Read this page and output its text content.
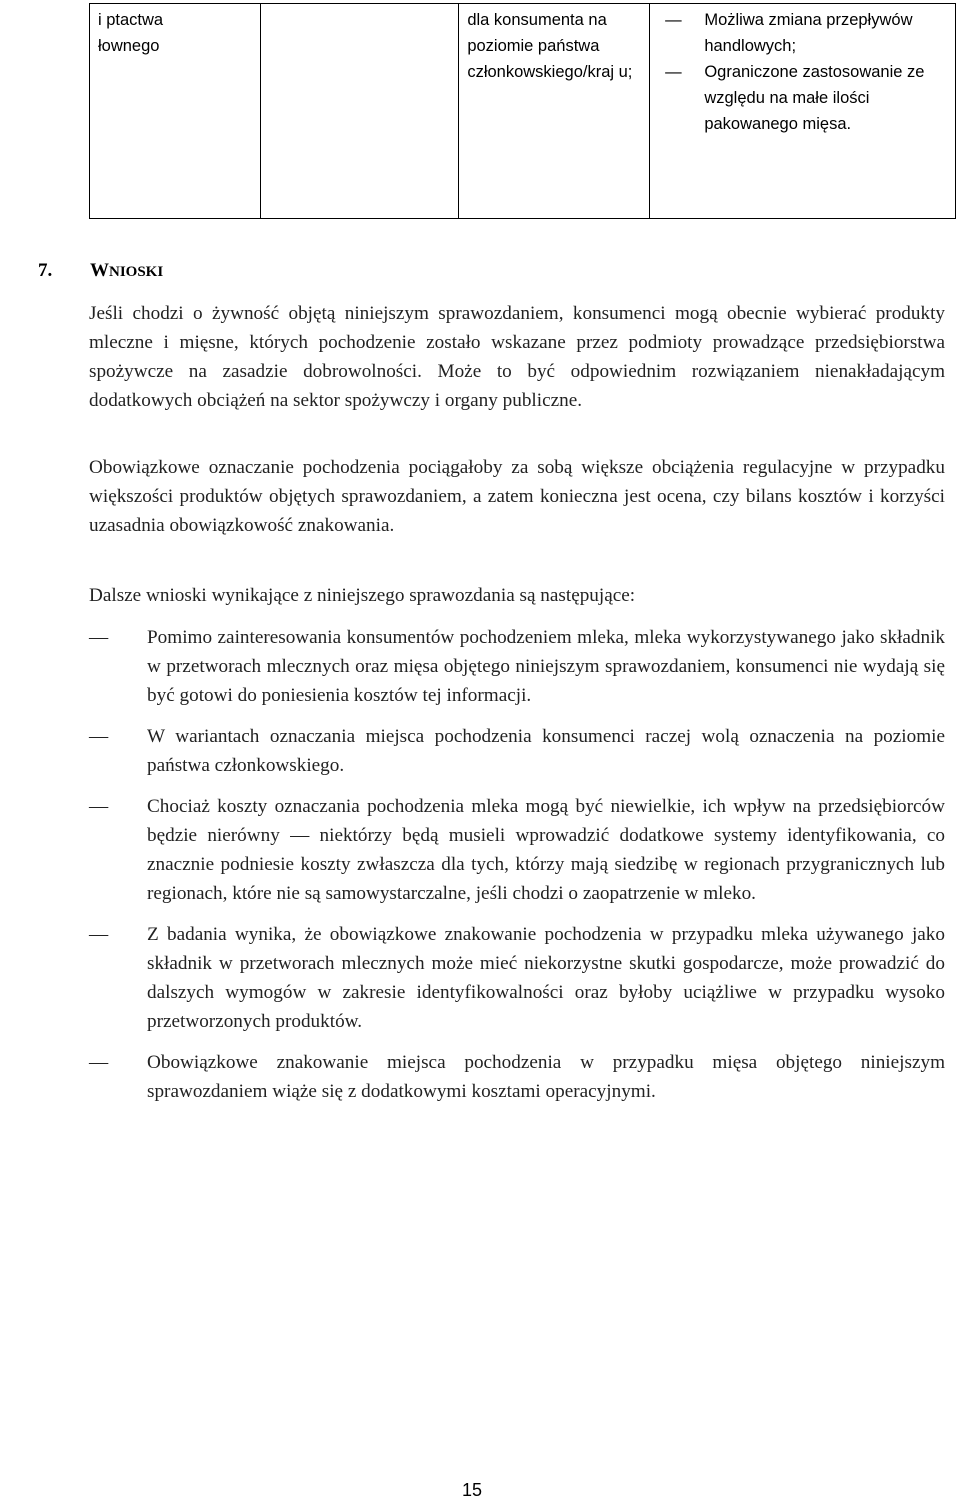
i ptactwa
łownego
		dla konsumenta na poziomie państwa członkowskiego/kraj u;	
—	Możliwa zmiana przepływów handlowych;
—	Ograniczone zastosowanie ze względu na małe ilości pakowanego mięsa.
7. WNIOSKI
Jeśli chodzi o żywność objętą niniejszym sprawozdaniem, konsumenci mogą obecnie wybierać produkty mleczne i mięsne, których pochodzenie zostało wskazane przez podmioty prowadzące przedsiębiorstwa spożywcze na zasadzie dobrowolności. Może to być odpowiednim rozwiązaniem nienakładającym dodatkowych obciążeń na sektor spożywczy i organy publiczne.
Obowiązkowe oznaczanie pochodzenia pociągałoby za sobą większe obciążenia regulacyjne w przypadku większości produktów objętych sprawozdaniem, a zatem konieczna jest ocena, czy bilans kosztów i korzyści uzasadnia obowiązkowość znakowania.
Dalsze wnioski wynikające z niniejszego sprawozdania są następujące:
—	Pomimo zainteresowania konsumentów pochodzeniem mleka, mleka wykorzystywanego jako składnik w przetworach mlecznych oraz mięsa objętego niniejszym sprawozdaniem, konsumenci nie wydają się być gotowi do poniesienia kosztów tej informacji.
—	W wariantach oznaczania miejsca pochodzenia konsumenci raczej wolą oznaczenia na poziomie państwa członkowskiego.
—	Chociaż koszty oznaczania pochodzenia mleka mogą być niewielkie, ich wpływ na przedsiębiorców będzie nierówny — niektórzy będą musieli wprowadzić dodatkowe systemy identyfikowania, co znacznie podniesie koszty zwłaszcza dla tych, którzy mają siedzibę w regionach przygranicznych lub regionach, które nie są samowystarczalne, jeśli chodzi o zaopatrzenie w mleko.
—	Z badania wynika, że obowiązkowe znakowanie pochodzenia w przypadku mleka używanego jako składnik w przetworach mlecznych może mieć niekorzystne skutki gospodarcze, może prowadzić do dalszych wymogów w zakresie identyfikowalności oraz byłoby uciążliwe w przypadku wysoko przetworzonych produktów.
—	Obowiązkowe znakowanie miejsca pochodzenia w przypadku mięsa objętego niniejszym sprawozdaniem wiąże się z dodatkowymi kosztami operacyjnymi.
15
